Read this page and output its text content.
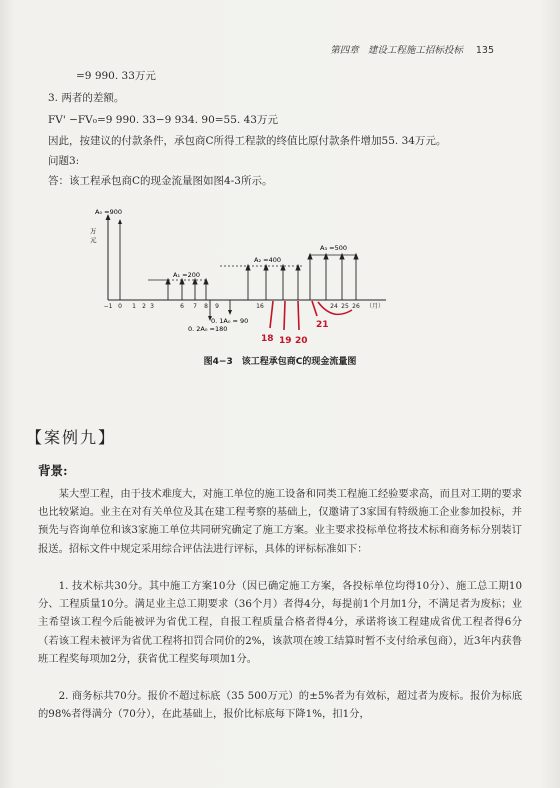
第四章 建设工程施工招标投标 135
=9 990. 33万元
3. 两者的差额。
FV' −FV₀=9 990. 33−9 934. 90=55. 43万元
因此，按建议的付款条件，承包商C所得工程款的终值比原付款条件增加55. 34万元。
问题3:
答：该工程承包商C的现金流量图如图4-3所示。
A₀ =900
万
元
A₁ =200
A₂ =400
A₃ =500
0. 2A₀ =180
0. 1A₀ = 90
−1 0 1 2 3	6 7 8 9	16	24 25 26 （月）
18 19 20
21
图4−3　该工程承包商C的现金流量图
【案例九】
背景:
某大型工程，由于技术难度大，对施工单位的施工设备和同类工程施工经验要求高，而且对工期的要求也比较紧迫。业主在对有关单位及其在建工程考察的基础上，仅邀请了3家国有特级施工企业参加投标，并预先与咨询单位和该3家施工单位共同研究确定了施工方案。业主要求投标单位将技术标和商务标分别装订报送。招标文件中规定采用综合评估法进行评标，具体的评标标准如下：
1. 技术标共30分。其中施工方案10分（因已确定施工方案，各投标单位均得10分）、施工总工期10分、工程质量10分。满足业主总工期要求（36个月）者得4分，每提前1个月加1分，不满足者为废标；业主希望该工程今后能被评为省优工程，自报工程质量合格者得4分，承诺将该工程建成省优工程者得6分（若该工程未被评为省优工程将扣罚合同价的2%，该款项在竣工结算时暂不支付给承包商），近3年内获鲁班工程奖每项加2分，获省优工程奖每项加1分。
2. 商务标共70分。报价不超过标底（35 500万元）的±5%者为有效标，超过者为废标。报价为标底的98%者得满分（70分），在此基础上，报价比标底每下降1%，扣1分，
